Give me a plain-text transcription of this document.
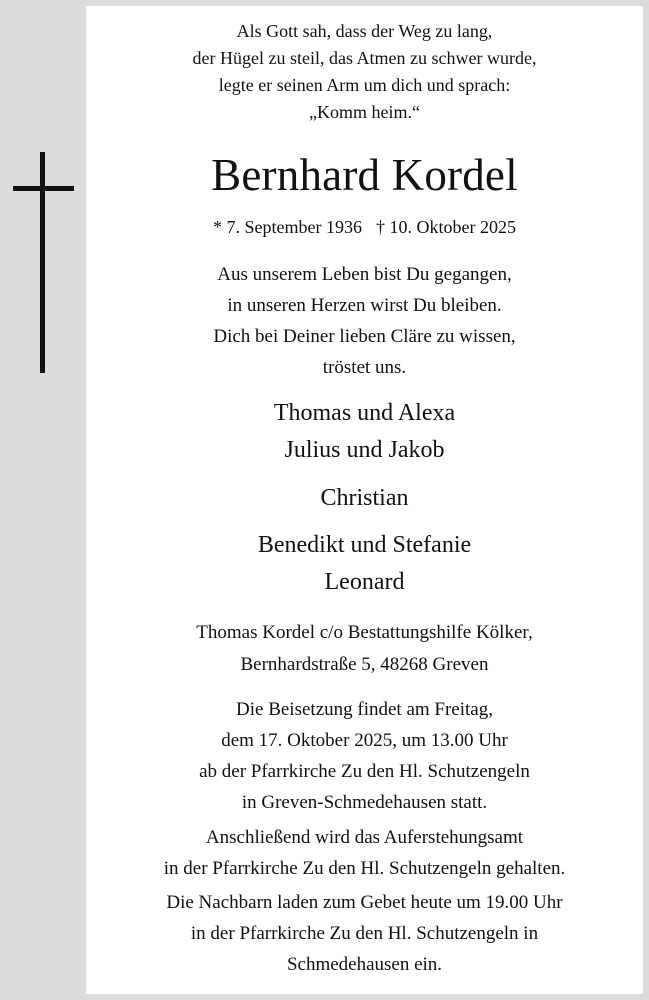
Als Gott sah, dass der Weg zu lang,
der Hügel zu steil, das Atmen zu schwer wurde,
legte er seinen Arm um dich und sprach:
„Komm heim.“
Bernhard Kordel
* 7. September 1936 † 10. Oktober 2025
Aus unserem Leben bist Du gegangen,
in unseren Herzen wirst Du bleiben.
Dich bei Deiner lieben Cläre zu wissen,
tröstet uns.
Thomas und Alexa
Julius und Jakob
Christian
Benedikt und Stefanie
Leonard
Thomas Kordel c/o Bestattungshilfe Kölker,
Bernhardstraße 5, 48268 Greven
Die Beisetzung findet am Freitag,
dem 17. Oktober 2025, um 13.00 Uhr
ab der Pfarrkirche Zu den Hl. Schutzengeln
in Greven-Schmedehausen statt.
Anschließend wird das Auferstehungsamt
in der Pfarrkirche Zu den Hl. Schutzengeln gehalten.
Die Nachbarn laden zum Gebet heute um 19.00 Uhr
in der Pfarrkirche Zu den Hl. Schutzengeln in
Schmedehausen ein.
